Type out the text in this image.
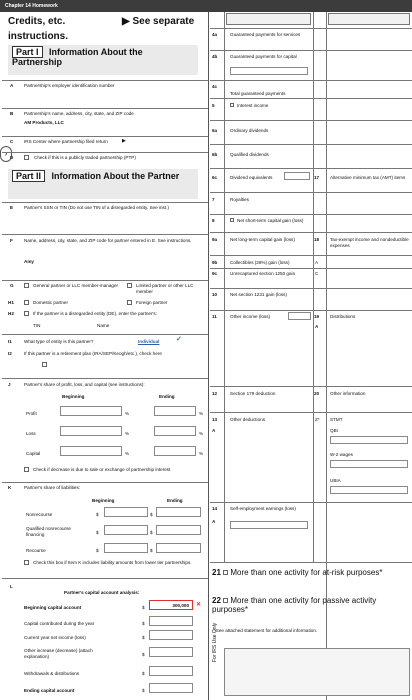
Chapter 14 Homework
›
Credits, etc.	▶ See separate
instructions.
Part I Information About the Partnership
A Partnership's employer identification number
B Partnership's name, address, city, state, and ZIP code
AM Products, LLC
C IRS Center where partnership filed return	▶
D	Check if this is a publicly traded partnership (PTP)
Part II Information About the Partner
E Partner's SSN or TIN (Do not use TIN of a disregarded entity. See inst.)
F Name, address, city, state, and ZIP code for partner entered in E. See instructions.
Amy
G	General partner or LLC member-manager	Limited partner or other LLC member
H1	Domestic partner	Foreign partner
H2	If the partner is a disregarded entity (DE), enter the partner's:
TIN	Name
I1	What type of entity is this partner?	Individual ✓
I2	If this partner is a retirement plan (IRA/SEP/Keogh/etc.), check here
J	Partner's share of profit, loss, and capital (see instructions):
Beginning	Ending
Profit	%	%
Loss	%	%
Capital	%	%
Check if decrease is due to sale or exchange of partnership interest
K	Partner's share of liabilities:
Beginning	Ending
Nonrecourse	$	$
Qualified nonrecourse financing	$	$
Recourse	$	$
Check this box if Item K includes liability amounts from lower tier partnerships.
L
Partner's capital account analysis:
Beginning capital account	$	300,000 ✕
Capital contributed during the year	$
Current year net income (loss)	$
Other increase (decrease) (attach explanation)	$
Withdrawals & distributions	$
Ending capital account	$
4a	Guaranteed payments for services
4b	Guaranteed payments for capital
4c
Total guaranteed payments
5	Interest income
6a	Ordinary dividends
6b	Qualified dividends
6c	Dividend equivalents	17 Alternative minimum tax (AMT) items
7	Royalties
8	Net short-term capital gain (loss)
9a	Net long-term capital gain (loss)	18 Tax-exempt income and nondeductible expenses
9b	Collectibles (28%) gain (loss)	A
9c	Unrecaptured section 1250 gain	C
10	Net section 1231 gain (loss)
11	Other income (loss)	19 Distributions
A
12	Section 179 deduction	20 Other information
13	Other deductions
A
Z* STMT
QBI
W-2 wages
UBIA
14	Self-employment earnings (loss)
A
21 More than one activity for at-risk purposes*
22 More than one activity for passive activity purposes*
*See attached statement for additional information.
For IRS Use Only
